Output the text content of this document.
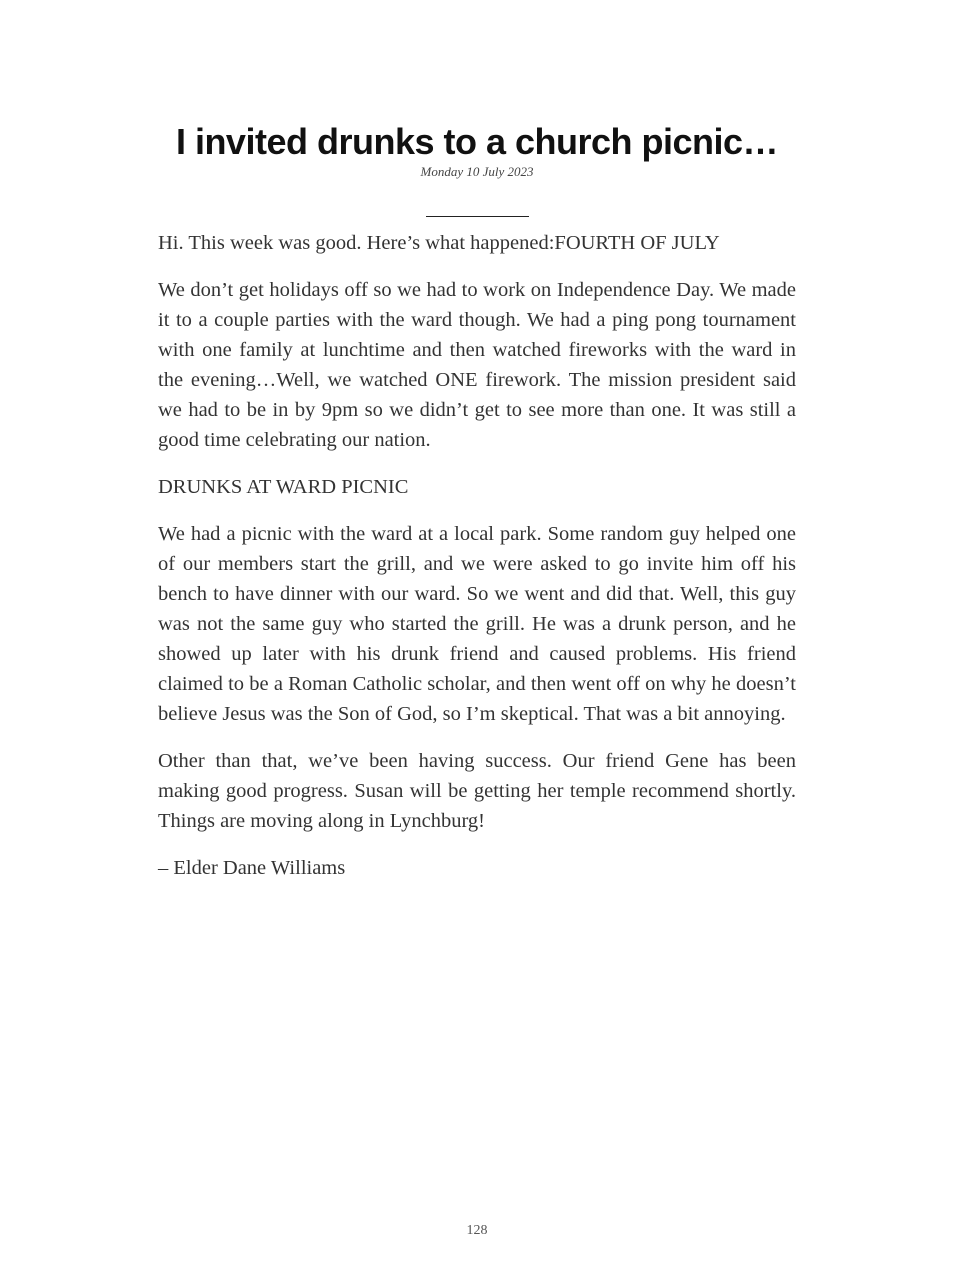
I invited drunks to a church picnic…
Monday 10 July 2023

Hi. This week was good. Here’s what happened:FOURTH OF JULY

We don’t get holidays off so we had to work on Independence Day. We made it to a couple parties with the ward though. We had a ping pong tournament with one family at lunchtime and then watched fireworks with the ward in the evening…Well, we watched ONE firework. The mission president said we had to be in by 9pm so we didn’t get to see more than one. It was still a good time celebrating our nation.

DRUNKS AT WARD PICNIC

We had a picnic with the ward at a local park. Some random guy helped one of our members start the grill, and we were asked to go invite him off his bench to have dinner with our ward. So we went and did that. Well, this guy was not the same guy who started the grill. He was a drunk person, and he showed up later with his drunk friend and caused problems. His friend claimed to be a Roman Catholic scholar, and then went off on why he doesn’t believe Jesus was the Son of God, so I’m skeptical. That was a bit annoying.

Other than that, we’ve been having success. Our friend Gene has been making good progress. Susan will be getting her temple recommend shortly. Things are moving along in Lynchburg!

– Elder Dane Williams

128
